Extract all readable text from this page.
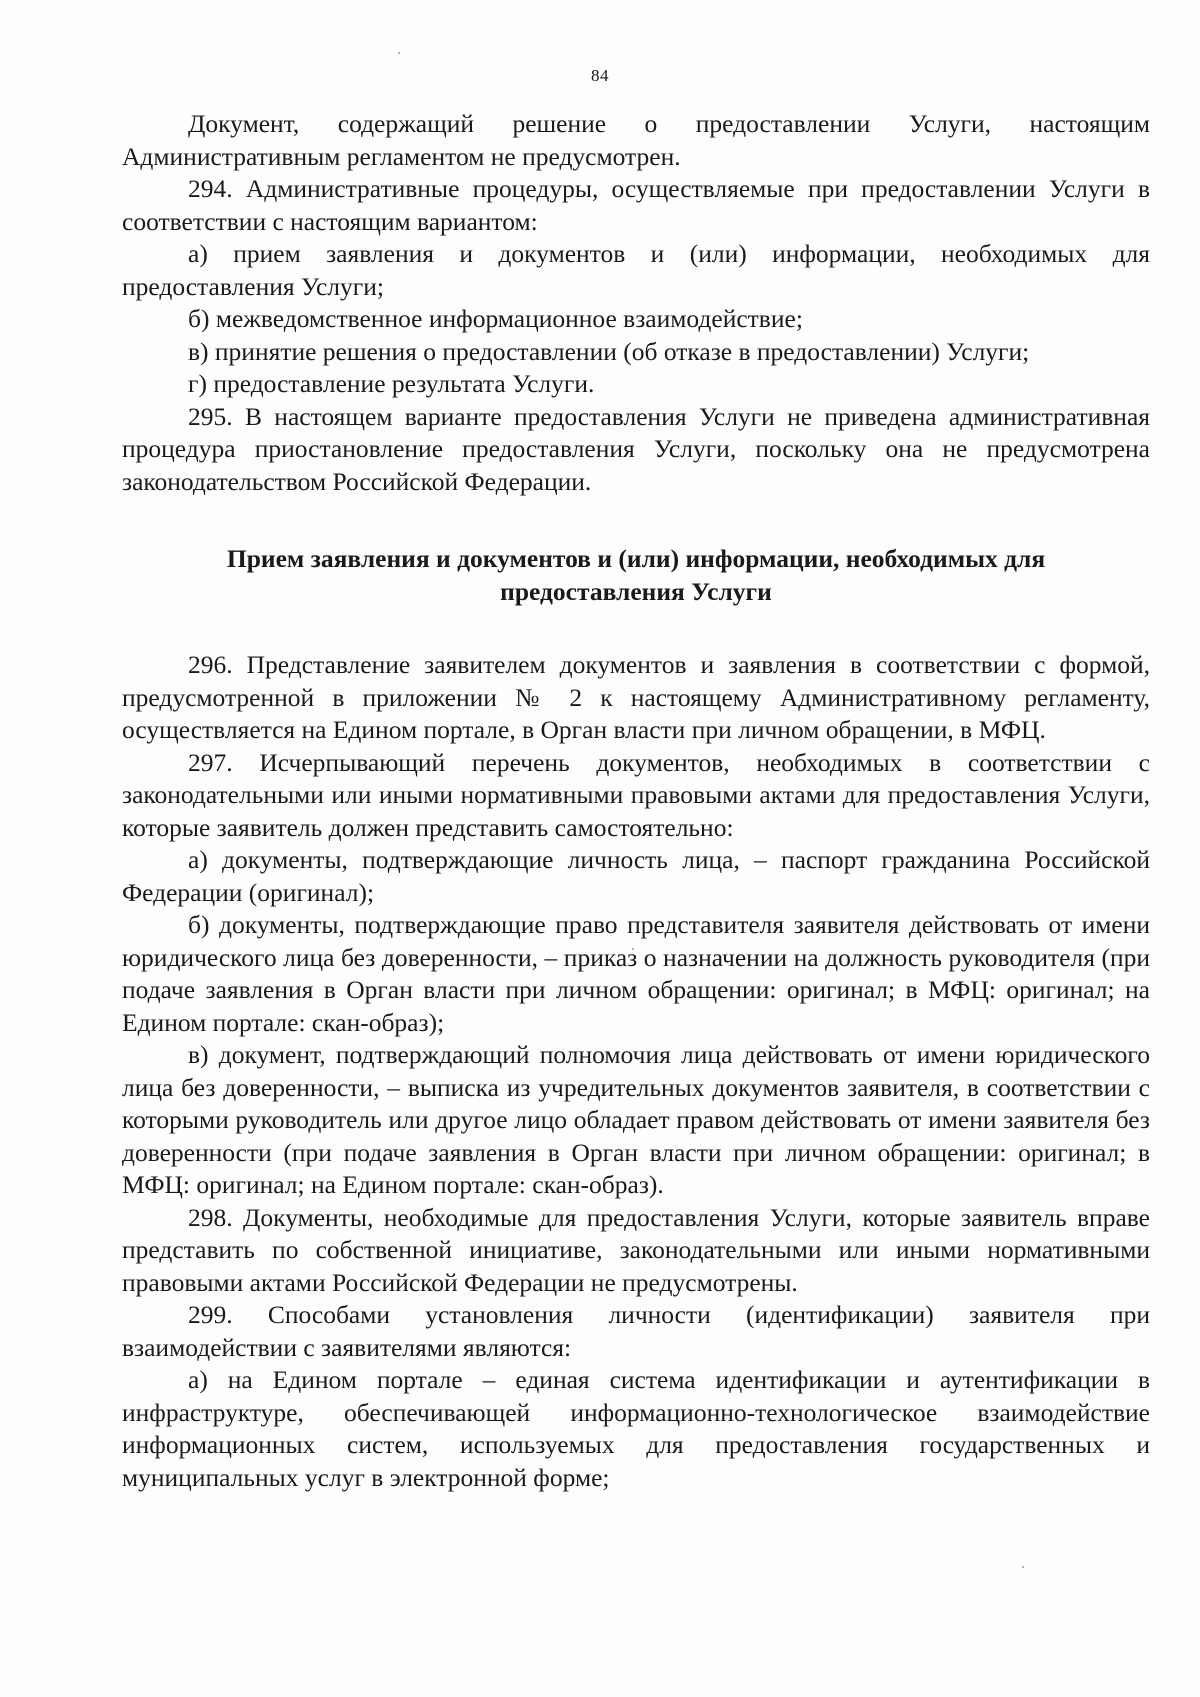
84

Документ, содержащий решение о предоставлении Услуги, настоящим Административным регламентом не предусмотрен.

294. Административные процедуры, осуществляемые при предоставлении Услуги в соответствии с настоящим вариантом:

а) прием заявления и документов и (или) информации, необходимых для предоставления Услуги;

б) межведомственное информационное взаимодействие;

в) принятие решения о предоставлении (об отказе в предоставлении) Услуги;

г) предоставление результата Услуги.

295. В настоящем варианте предоставления Услуги не приведена административная процедура приостановление предоставления Услуги, поскольку она не предусмотрена законодательством Российской Федерации.

Прием заявления и документов и (или) информации, необходимых для предоставления Услуги

296. Представление заявителем документов и заявления в соответствии с формой, предусмотренной в приложении № 2 к настоящему Административному регламенту, осуществляется на Едином портале, в Орган власти при личном обращении, в МФЦ.

297. Исчерпывающий перечень документов, необходимых в соответствии с законодательными или иными нормативными правовыми актами для предоставления Услуги, которые заявитель должен представить самостоятельно:

а) документы, подтверждающие личность лица, – паспорт гражданина Российской Федерации (оригинал);

б) документы, подтверждающие право представителя заявителя действовать от имени юридического лица без доверенности, – приказ о назначении на должность руководителя (при подаче заявления в Орган власти при личном обращении: оригинал; в МФЦ: оригинал; на Едином портале: скан-образ);

в) документ, подтверждающий полномочия лица действовать от имени юридического лица без доверенности, – выписка из учредительных документов заявителя, в соответствии с которыми руководитель или другое лицо обладает правом действовать от имени заявителя без доверенности (при подаче заявления в Орган власти при личном обращении: оригинал; в МФЦ: оригинал; на Едином портале: скан-образ).

298. Документы, необходимые для предоставления Услуги, которые заявитель вправе представить по собственной инициативе, законодательными или иными нормативными правовыми актами Российской Федерации не предусмотрены.

299. Способами установления личности (идентификации) заявителя при взаимодействии с заявителями являются:

а) на Едином портале – единая система идентификации и аутентификации в инфраструктуре, обеспечивающей информационно-технологическое взаимодействие информационных систем, используемых для предоставления государственных и муниципальных услуг в электронной форме;
